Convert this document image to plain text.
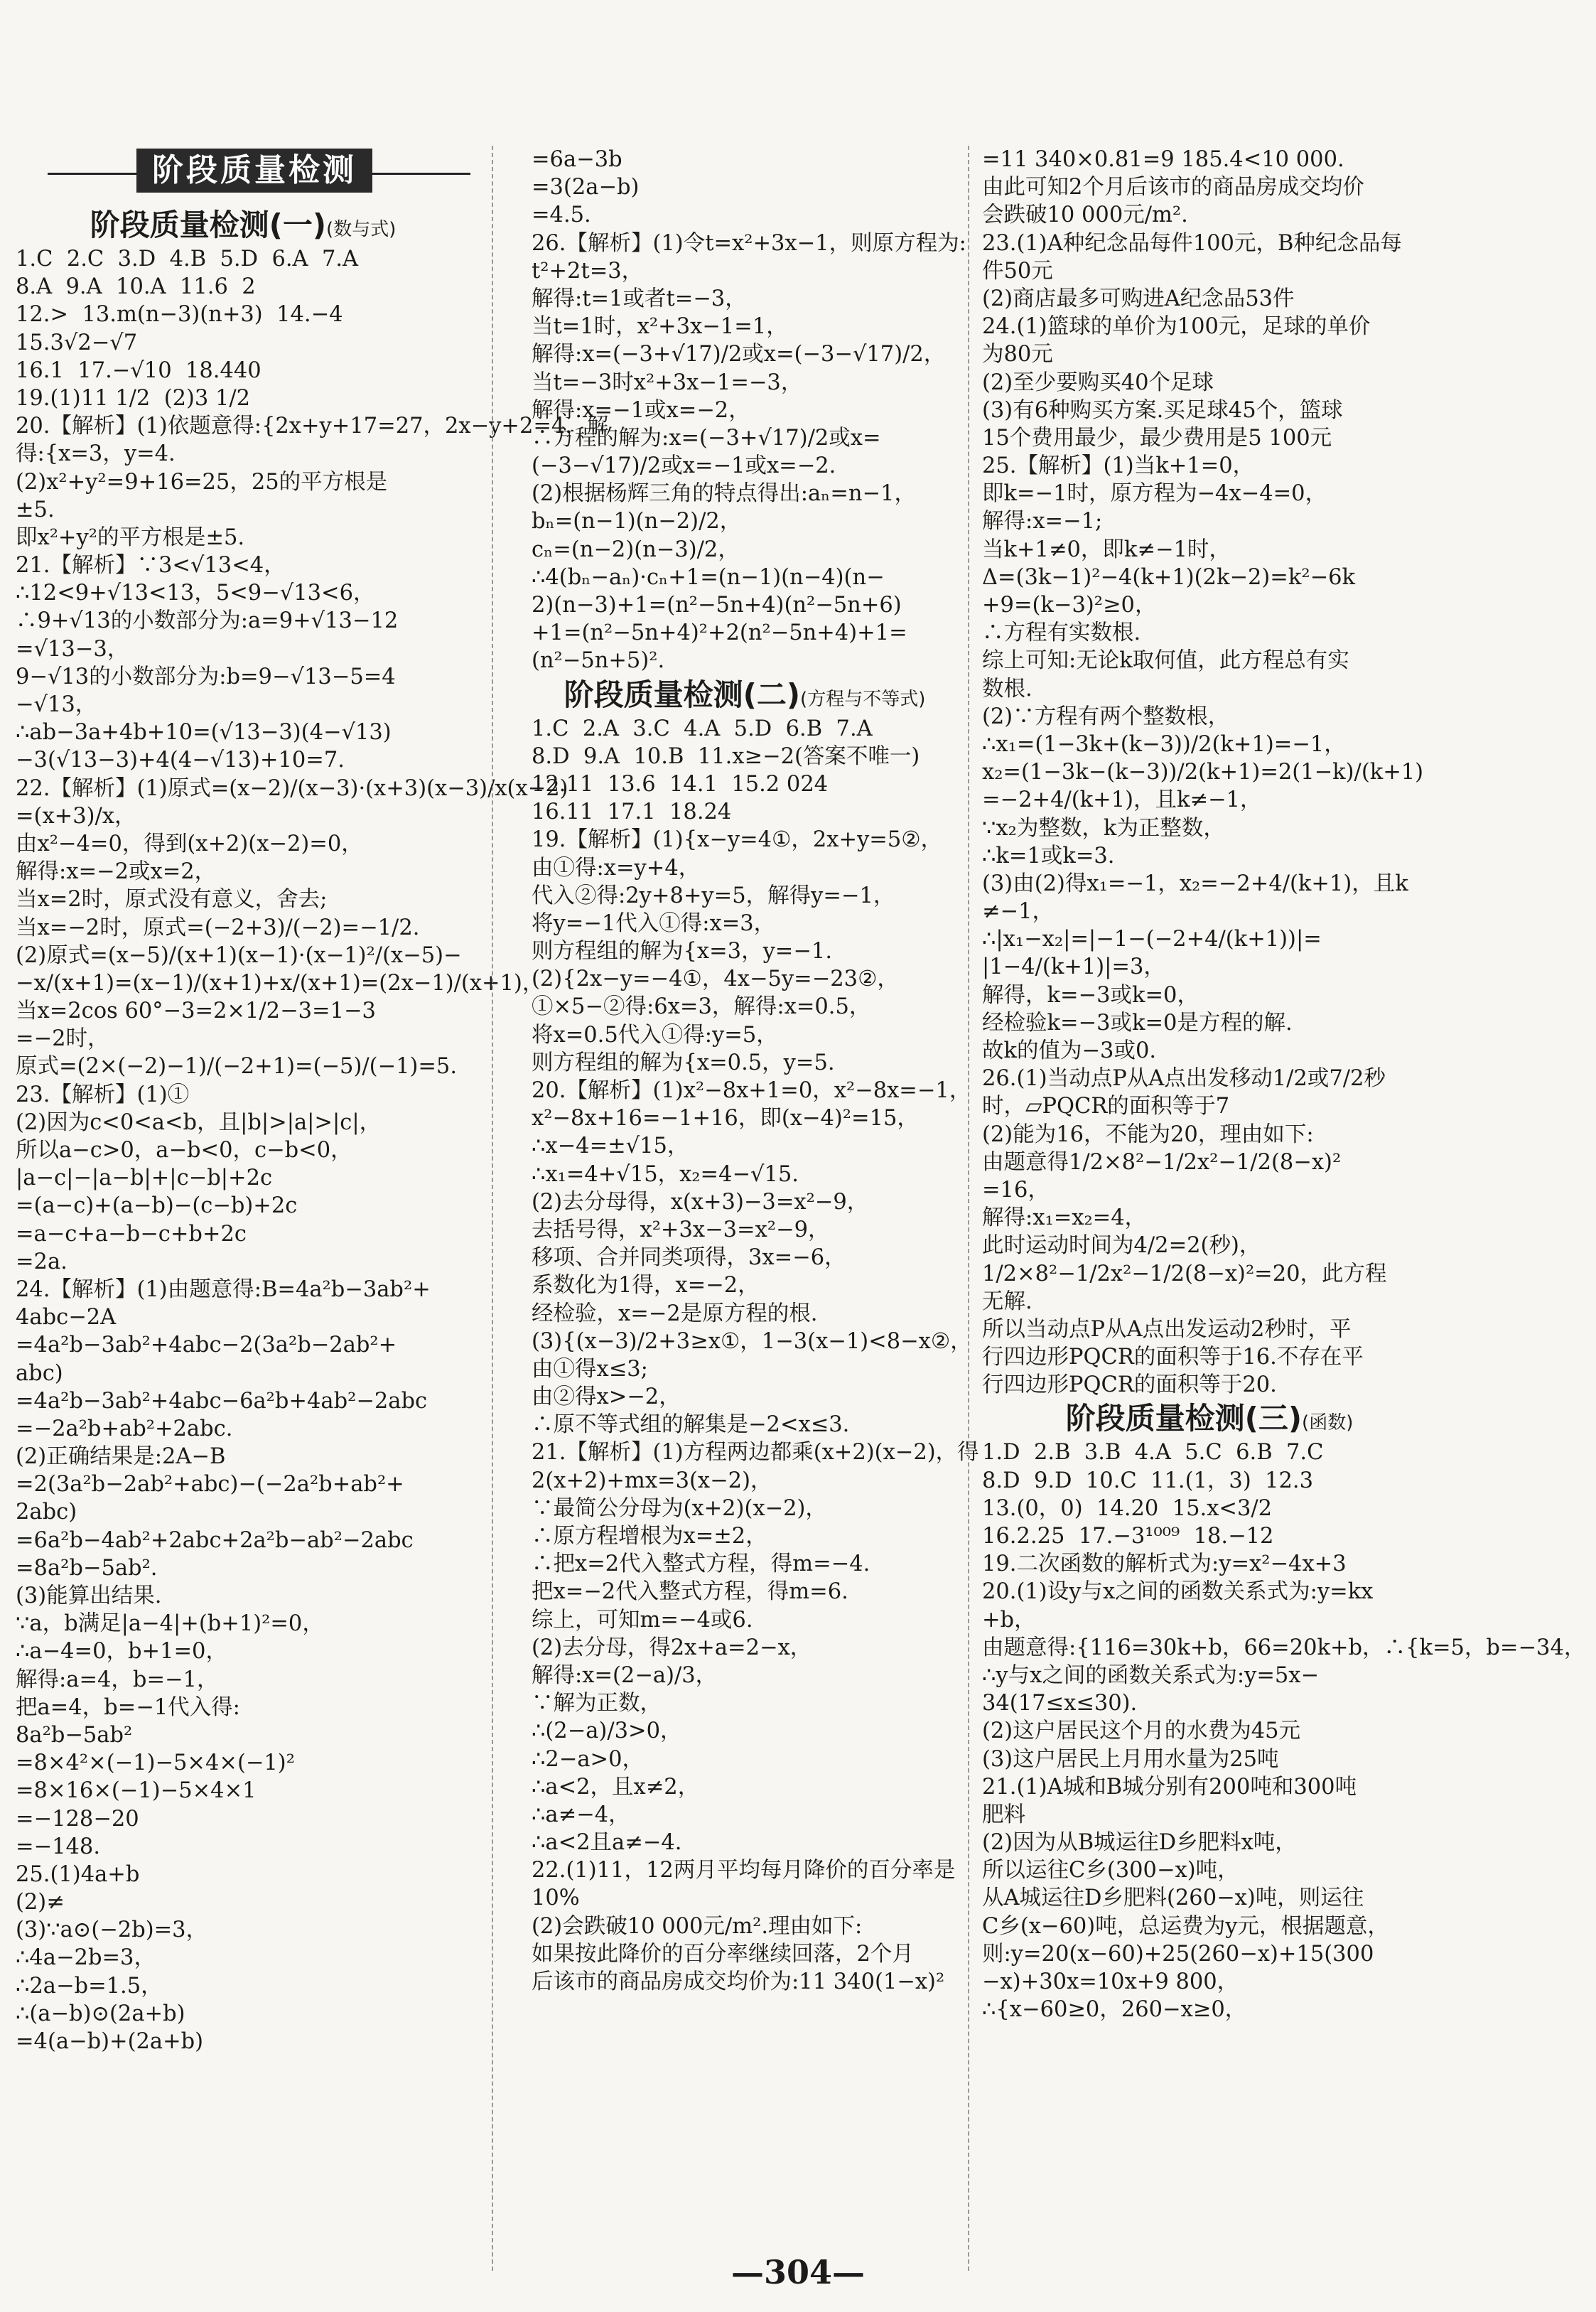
阶段质量检测
阶段质量检测(一)(数与式)
1.C  2.C  3.D  4.B  5.D  6.A  7.A
8.A  9.A  10.A  11.6  2
12.>  13.m(n−3)(n+3)  14.−4
15.3√2−√7
16.1  17.−√10  18.440
19.(1)11 1/2  (2)3 1/2
20.【解析】(1)依题意得:{2x+y+17=27，2x−y+2=4，解
得:{x=3，y=4.
(2)x²+y²=9+16=25，25的平方根是
±5.
即x²+y²的平方根是±5.
21.【解析】∵3<√13<4，
∴12<9+√13<13，5<9−√13<6，
∴9+√13的小数部分为:a=9+√13−12
=√13−3，
9−√13的小数部分为:b=9−√13−5=4
−√13，
∴ab−3a+4b+10=(√13−3)(4−√13)
−3(√13−3)+4(4−√13)+10=7.
22.【解析】(1)原式=(x−2)/(x−3)·(x+3)(x−3)/x(x−2)
=(x+3)/x，
由x²−4=0，得到(x+2)(x−2)=0，
解得:x=−2或x=2，
当x=2时，原式没有意义，舍去;
当x=−2时，原式=(−2+3)/(−2)=−1/2.
(2)原式=(x−5)/(x+1)(x−1)·(x−1)²/(x−5)−
−x/(x+1)=(x−1)/(x+1)+x/(x+1)=(2x−1)/(x+1)，
当x=2cos 60°−3=2×1/2−3=1−3
=−2时，
原式=(2×(−2)−1)/(−2+1)=(−5)/(−1)=5.
23.【解析】(1)①
(2)因为c<0<a<b，且|b|>|a|>|c|，
所以a−c>0，a−b<0，c−b<0，
|a−c|−|a−b|+|c−b|+2c
=(a−c)+(a−b)−(c−b)+2c
=a−c+a−b−c+b+2c
=2a.
24.【解析】(1)由题意得:B=4a²b−3ab²+
4abc−2A
=4a²b−3ab²+4abc−2(3a²b−2ab²+
abc)
=4a²b−3ab²+4abc−6a²b+4ab²−2abc
=−2a²b+ab²+2abc.
(2)正确结果是:2A−B
=2(3a²b−2ab²+abc)−(−2a²b+ab²+
2abc)
=6a²b−4ab²+2abc+2a²b−ab²−2abc
=8a²b−5ab².
(3)能算出结果.
∵a，b满足|a−4|+(b+1)²=0，
∴a−4=0，b+1=0，
解得:a=4，b=−1，
把a=4，b=−1代入得:
8a²b−5ab²
=8×4²×(−1)−5×4×(−1)²
=8×16×(−1)−5×4×1
=−128−20
=−148.
25.(1)4a+b
(2)≠
(3)∵a⊙(−2b)=3，
∴4a−2b=3，
∴2a−b=1.5，
∴(a−b)⊙(2a+b)
=4(a−b)+(2a+b)
=6a−3b
=3(2a−b)
=4.5.
26.【解析】(1)令t=x²+3x−1，则原方程为:
t²+2t=3，
解得:t=1或者t=−3，
当t=1时，x²+3x−1=1，
解得:x=(−3+√17)/2或x=(−3−√17)/2，
当t=−3时x²+3x−1=−3，
解得:x=−1或x=−2，
∴方程的解为:x=(−3+√17)/2或x=
(−3−√17)/2或x=−1或x=−2.
(2)根据杨辉三角的特点得出:aₙ=n−1，
bₙ=(n−1)(n−2)/2，
cₙ=(n−2)(n−3)/2，
∴4(bₙ−aₙ)·cₙ+1=(n−1)(n−4)(n−
2)(n−3)+1=(n²−5n+4)(n²−5n+6)
+1=(n²−5n+4)²+2(n²−5n+4)+1=
(n²−5n+5)².
阶段质量检测(二)(方程与不等式)
1.C  2.A  3.C  4.A  5.D  6.B  7.A
8.D  9.A  10.B  11.x≥−2(答案不唯一)
12.11  13.6  14.1  15.2 024
16.11  17.1  18.24
19.【解析】(1){x−y=4①，2x+y=5②，
由①得:x=y+4，
代入②得:2y+8+y=5，解得y=−1，
将y=−1代入①得:x=3，
则方程组的解为{x=3，y=−1.
(2){2x−y=−4①，4x−5y=−23②，
①×5−②得:6x=3，解得:x=0.5，
将x=0.5代入①得:y=5，
则方程组的解为{x=0.5，y=5.
20.【解析】(1)x²−8x+1=0，x²−8x=−1，
x²−8x+16=−1+16，即(x−4)²=15，
∴x−4=±√15，
∴x₁=4+√15，x₂=4−√15.
(2)去分母得，x(x+3)−3=x²−9，
去括号得，x²+3x−3=x²−9，
移项、合并同类项得，3x=−6，
系数化为1得，x=−2，
经检验，x=−2是原方程的根.
(3){(x−3)/2+3≥x①，1−3(x−1)<8−x②，
由①得x≤3;
由②得x>−2，
∴原不等式组的解集是−2<x≤3.
21.【解析】(1)方程两边都乘(x+2)(x−2)，得
2(x+2)+mx=3(x−2)，
∵最简公分母为(x+2)(x−2)，
∴原方程增根为x=±2，
∴把x=2代入整式方程，得m=−4.
把x=−2代入整式方程，得m=6.
综上，可知m=−4或6.
(2)去分母，得2x+a=2−x，
解得:x=(2−a)/3，
∵解为正数，
∴(2−a)/3>0，
∴2−a>0，
∴a<2，且x≠2，
∴a≠−4，
∴a<2且a≠−4.
22.(1)11，12两月平均每月降价的百分率是
10%
(2)会跌破10 000元/m².理由如下:
如果按此降价的百分率继续回落，2个月
后该市的商品房成交均价为:11 340(1−x)²
=11 340×0.81=9 185.4<10 000.
由此可知2个月后该市的商品房成交均价
会跌破10 000元/m².
23.(1)A种纪念品每件100元，B种纪念品每
件50元
(2)商店最多可购进A纪念品53件
24.(1)篮球的单价为100元，足球的单价
为80元
(2)至少要购买40个足球
(3)有6种购买方案.买足球45个，篮球
15个费用最少，最少费用是5 100元
25.【解析】(1)当k+1=0，
即k=−1时，原方程为−4x−4=0，
解得:x=−1;
当k+1≠0，即k≠−1时，
Δ=(3k−1)²−4(k+1)(2k−2)=k²−6k
+9=(k−3)²≥0，
∴方程有实数根.
综上可知:无论k取何值，此方程总有实
数根.
(2)∵方程有两个整数根，
∴x₁=(1−3k+(k−3))/2(k+1)=−1，
x₂=(1−3k−(k−3))/2(k+1)=2(1−k)/(k+1)
=−2+4/(k+1)，且k≠−1，
∵x₂为整数，k为正整数，
∴k=1或k=3.
(3)由(2)得x₁=−1，x₂=−2+4/(k+1)，且k
≠−1，
∴|x₁−x₂|=|−1−(−2+4/(k+1))|=
|1−4/(k+1)|=3，
解得，k=−3或k=0，
经检验k=−3或k=0是方程的解.
故k的值为−3或0.
26.(1)当动点P从A点出发移动1/2或7/2秒
时，▱PQCR的面积等于7
(2)能为16，不能为20，理由如下:
由题意得1/2×8²−1/2x²−1/2(8−x)²
=16，
解得:x₁=x₂=4，
此时运动时间为4/2=2(秒)，
1/2×8²−1/2x²−1/2(8−x)²=20，此方程
无解.
所以当动点P从A点出发运动2秒时，平
行四边形PQCR的面积等于16.不存在平
行四边形PQCR的面积等于20.
阶段质量检测(三)(函数)
1.D  2.B  3.B  4.A  5.C  6.B  7.C
8.D  9.D  10.C  11.(1，3)  12.3
13.(0，0)  14.20  15.x<3/2
16.2.25  17.−3¹⁰⁰⁹  18.−12
19.二次函数的解析式为:y=x²−4x+3
20.(1)设y与x之间的函数关系式为:y=kx
+b，
由题意得:{116=30k+b，66=20k+b，∴{k=5，b=−34，
∴y与x之间的函数关系式为:y=5x−
34(17≤x≤30).
(2)这户居民这个月的水费为45元
(3)这户居民上月用水量为25吨
21.(1)A城和B城分别有200吨和300吨
肥料
(2)因为从B城运往D乡肥料x吨，
所以运往C乡(300−x)吨，
从A城运往D乡肥料(260−x)吨，则运往
C乡(x−60)吨，总运费为y元，根据题意，
则:y=20(x−60)+25(260−x)+15(300
−x)+30x=10x+9 800，
∴{x−60≥0，260−x≥0，
—304—
